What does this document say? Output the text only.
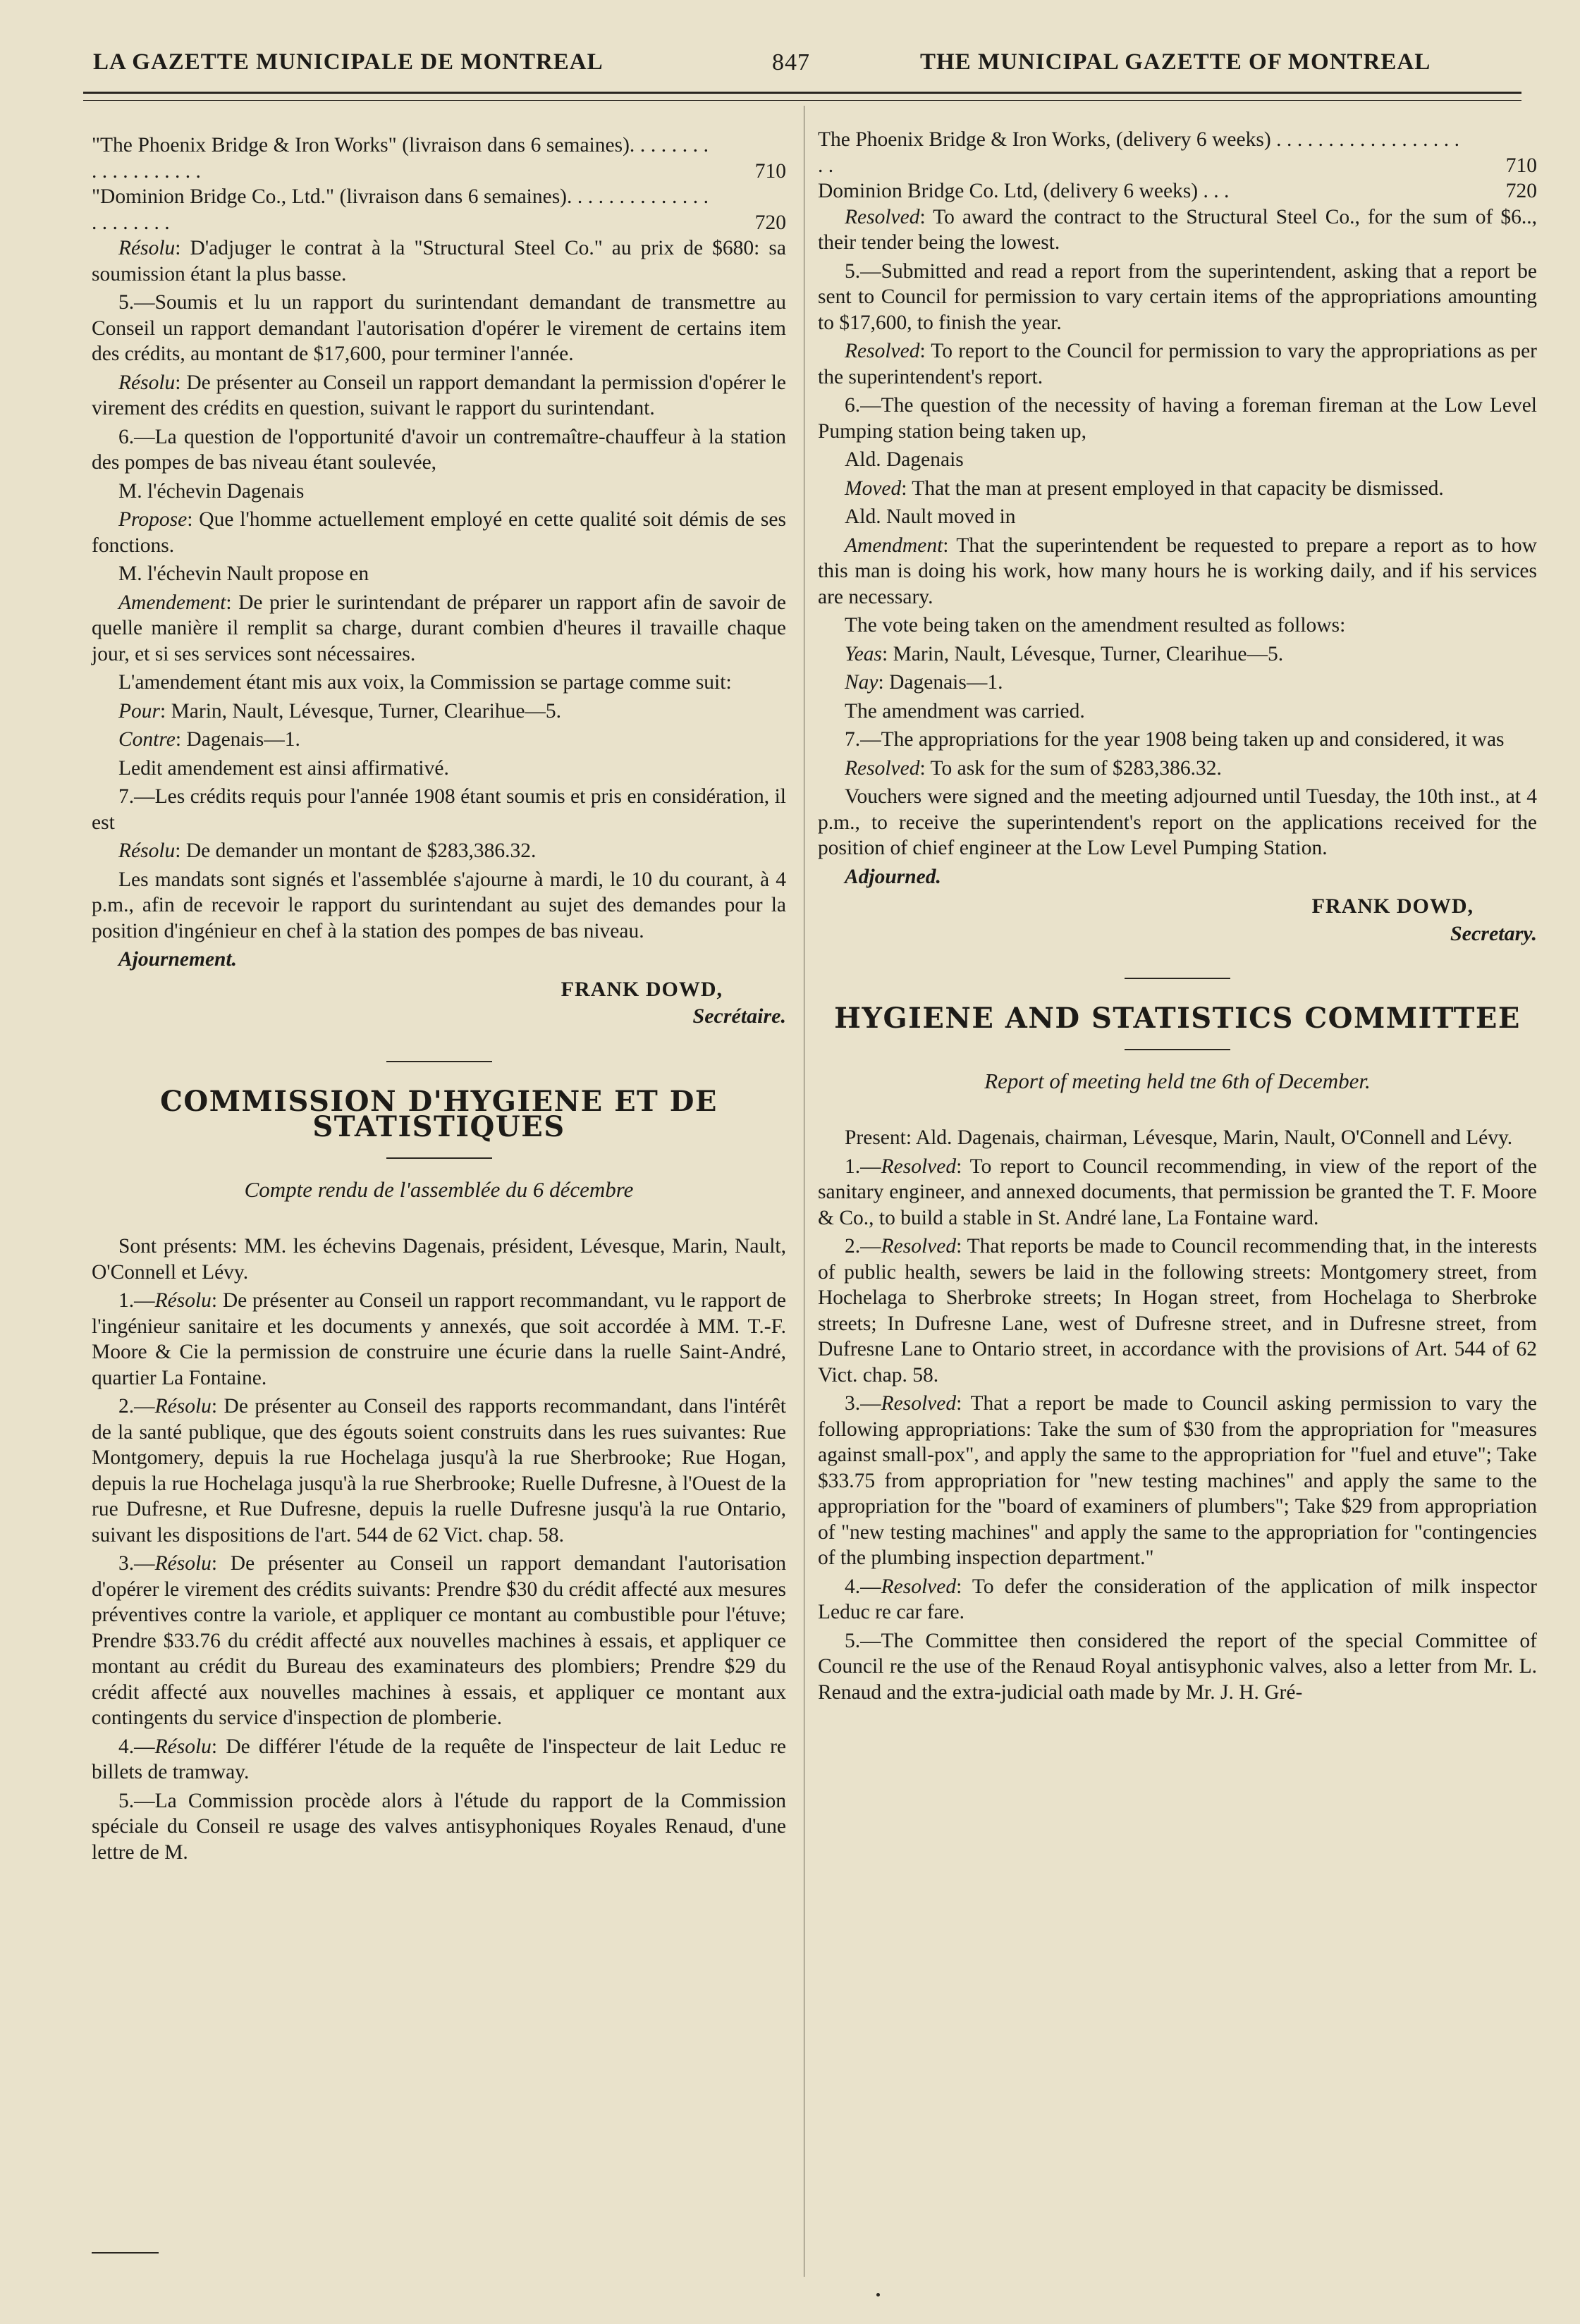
LA GAZETTE MUNICIPALE DE MONTREAL	847	THE MUNICIPAL GAZETTE OF MONTREAL
"The Phoenix Bridge & Iron Works" (livraison dans 6 semaines). . . . . . . . . . . . . . . . . . .	710
"Dominion Bridge Co., Ltd." (livraison dans 6 semaines). . . . . . . . . . . . . . . . . . . . . .	720

Résolu: D'adjuger le contrat à la "Structural Steel Co." au prix de $680: sa soumission étant la plus basse.

5.—Soumis et lu un rapport du surintendant demandant de transmettre au Conseil un rapport demandant l'autorisation d'opérer le virement de certains item des crédits, au montant de $17,600, pour terminer l'année.

Résolu: De présenter au Conseil un rapport demandant la permission d'opérer le virement des crédits en question, suivant le rapport du surintendant.

6.—La question de l'opportunité d'avoir un contremaître-chauffeur à la station des pompes de bas niveau étant soulevée,

M. l'échevin Dagenais

Propose: Que l'homme actuellement employé en cette qualité soit démis de ses fonctions.

M. l'échevin Nault propose en

Amendement: De prier le surintendant de préparer un rapport afin de savoir de quelle manière il remplit sa charge, durant combien d'heures il travaille chaque jour, et si ses services sont nécessaires.

L'amendement étant mis aux voix, la Commission se partage comme suit:

Pour: Marin, Nault, Lévesque, Turner, Clearihue—5.

Contre: Dagenais—1.

Ledit amendement est ainsi affirmativé.

7.—Les crédits requis pour l'année 1908 étant soumis et pris en considération, il est

Résolu: De demander un montant de $283,386.32.

Les mandats sont signés et l'assemblée s'ajourne à mardi, le 10 du courant, à 4 p.m., afin de recevoir le rapport du surintendant au sujet des demandes pour la position d'ingénieur en chef à la station des pompes de bas niveau.

Ajournement.

FRANK DOWD,
Secrétaire.
COMMISSION D'HYGIENE ET DE STATISTIQUES
Compte rendu de l'assemblée du 6 décembre

Sont présents: MM. les échevins Dagenais, président, Lévesque, Marin, Nault, O'Connell et Lévy.

1.—Résolu: De présenter au Conseil un rapport recommandant, vu le rapport de l'ingénieur sanitaire et les documents y annexés, que soit accordée à MM. T.-F. Moore & Cie la permission de construire une écurie dans la ruelle Saint-André, quartier La Fontaine.

2.—Résolu: De présenter au Conseil des rapports recommandant, dans l'intérêt de la santé publique, que des égouts soient construits dans les rues suivantes: Rue Montgomery, depuis la rue Hochelaga jusqu'à la rue Sherbrooke; Rue Hogan, depuis la rue Hochelaga jusqu'à la rue Sherbrooke; Ruelle Dufresne, à l'Ouest de la rue Dufresne, et Rue Dufresne, depuis la ruelle Dufresne jusqu'à la rue Ontario, suivant les dispositions de l'art. 544 de 62 Vict. chap. 58.

3.—Résolu: De présenter au Conseil un rapport demandant l'autorisation d'opérer le virement des crédits suivants: Prendre $30 du crédit affecté aux mesures préventives contre la variole, et appliquer ce montant au combustible pour l'étuve; Prendre $33.76 du crédit affecté aux nouvelles machines à essais, et appliquer ce montant au crédit du Bureau des examinateurs des plombiers; Prendre $29 du crédit affecté aux nouvelles machines à essais, et appliquer ce montant aux contingents du service d'inspection de plomberie.

4.—Résolu: De différer l'étude de la requête de l'inspecteur de lait Leduc re billets de tramway.

5.—La Commission procède alors à l'étude du rapport de la Commission spéciale du Conseil re usage des valves antisyphoniques Royales Renaud, d'une lettre de M.

The Phoenix Bridge & Iron Works, (delivery 6 weeks) . . . . . . . . . . . . . . . . . . . .	710
Dominion Bridge Co. Ltd, (delivery 6 weeks) . . .	720

Resolved: To award the contract to the Structural Steel Co., for the sum of $6.., their tender being the lowest.

5.—Submitted and read a report from the superintendent, asking that a report be sent to Council for permission to vary certain items of the appropriations amounting to $17,600, to finish the year.

Resolved: To report to the Council for permission to vary the appropriations as per the superintendent's report.

6.—The question of the necessity of having a foreman fireman at the Low Level Pumping station being taken up,

Ald. Dagenais

Moved: That the man at present employed in that capacity be dismissed.

Ald. Nault moved in

Amendment: That the superintendent be requested to prepare a report as to how this man is doing his work, how many hours he is working daily, and if his services are necessary.

The vote being taken on the amendment resulted as follows:

Yeas: Marin, Nault, Lévesque, Turner, Clearihue—5.

Nay: Dagenais—1.

The amendment was carried.

7.—The appropriations for the year 1908 being taken up and considered, it was

Resolved: To ask for the sum of $283,386.32.

Vouchers were signed and the meeting adjourned until Tuesday, the 10th inst., at 4 p.m., to receive the superintendent's report on the applications received for the position of chief engineer at the Low Level Pumping Station.

Adjourned.

FRANK DOWD,
Secretary.
HYGIENE AND STATISTICS COMMITTEE
Report of meeting held tne 6th of December.

Present: Ald. Dagenais, chairman, Lévesque, Marin, Nault, O'Connell and Lévy.

1.—Resolved: To report to Council recommending, in view of the report of the sanitary engineer, and annexed documents, that permission be granted the T. F. Moore & Co., to build a stable in St. André lane, La Fontaine ward.

2.—Resolved: That reports be made to Council recommending that, in the interests of public health, sewers be laid in the following streets: Montgomery street, from Hochelaga to Sherbroke streets; In Hogan street, from Hochelaga to Sherbroke streets; In Dufresne Lane, west of Dufresne street, and in Dufresne street, from Dufresne Lane to Ontario street, in accordance with the provisions of Art. 544 of 62 Vict. chap. 58.

3.—Resolved: That a report be made to Council asking permission to vary the following appropriations: Take the sum of $30 from the appropriation for "measures against small-pox", and apply the same to the appropriation for "fuel and etuve"; Take $33.75 from appropriation for "new testing machines" and apply the same to the appropriation for the "board of examiners of plumbers"; Take $29 from appropriation of "new testing machines" and apply the same to the appropriation for "contingencies of the plumbing inspection department."

4.—Resolved: To defer the consideration of the application of milk inspector Leduc re car fare.

5.—The Committee then considered the report of the special Committee of Council re the use of the Renaud Royal antisyphonic valves, also a letter from Mr. L. Renaud and the extra-judicial oath made by Mr. J. H. Gré-
